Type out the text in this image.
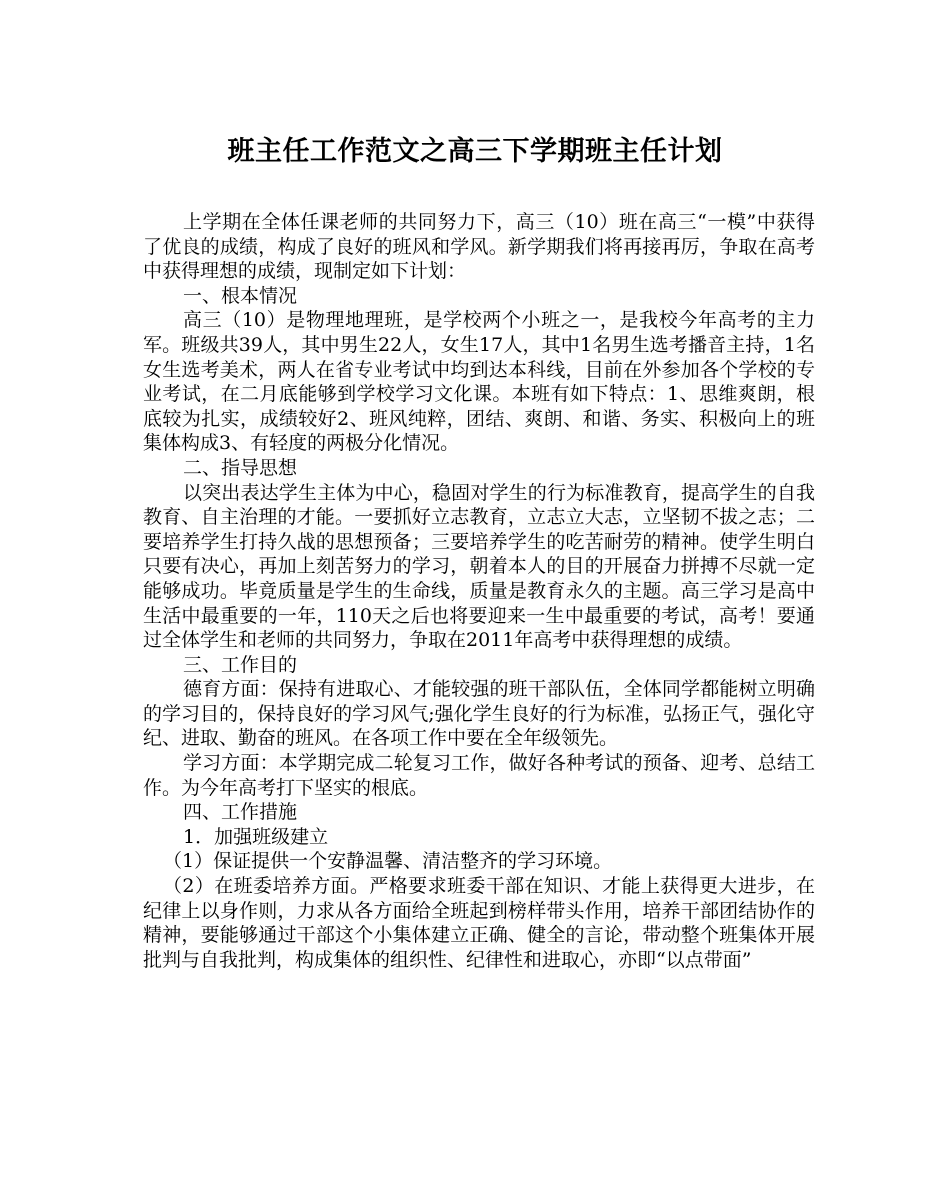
班主任工作范文之高三下学期班主任计划

上学期在全体任课老师的共同努力下，高三（10）班在高三“一模”中获得了优良的成绩，构成了良好的班风和学风。新学期我们将再接再厉，争取在高考中获得理想的成绩，现制定如下计划：

一、根本情况

高三（10）是物理地理班，是学校两个小班之一，是我校今年高考的主力军。班级共39人，其中男生22人，女生17人，其中1名男生选考播音主持，1名女生选考美术，两人在省专业考试中均到达本科线，目前在外参加各个学校的专业考试，在二月底能够到学校学习文化课。本班有如下特点：1、思维爽朗，根底较为扎实，成绩较好2、班风纯粹，团结、爽朗、和谐、务实、积极向上的班集体构成3、有轻度的两极分化情况。

二、指导思想

以突出表达学生主体为中心，稳固对学生的行为标准教育，提高学生的自我教育、自主治理的才能。一要抓好立志教育，立志立大志，立坚韧不拔之志；二要培养学生打持久战的思想预备；三要培养学生的吃苦耐劳的精神。使学生明白只要有决心，再加上刻苦努力的学习，朝着本人的目的开展奋力拼搏不尽就一定能够成功。毕竟质量是学生的生命线，质量是教育永久的主题。高三学习是高中生活中最重要的一年，110天之后也将要迎来一生中最重要的考试，高考！要通过全体学生和老师的共同努力，争取在2011年高考中获得理想的成绩。

三、工作目的

德育方面：保持有进取心、才能较强的班干部队伍，全体同学都能树立明确的学习目的，保持良好的学习风气;强化学生良好的行为标准，弘扬正气，强化守纪、进取、勤奋的班风。在各项工作中要在全年级领先。

学习方面：本学期完成二轮复习工作，做好各种考试的预备、迎考、总结工作。为今年高考打下坚实的根底。

四、工作措施

1．加强班级建立

（1）保证提供一个安静温馨、清洁整齐的学习环境。

（2）在班委培养方面。严格要求班委干部在知识、才能上获得更大进步，在纪律上以身作则，力求从各方面给全班起到榜样带头作用，培养干部团结协作的精神，要能够通过干部这个小集体建立正确、健全的言论，带动整个班集体开展批判与自我批判，构成集体的组织性、纪律性和进取心，亦即“以点带面”
